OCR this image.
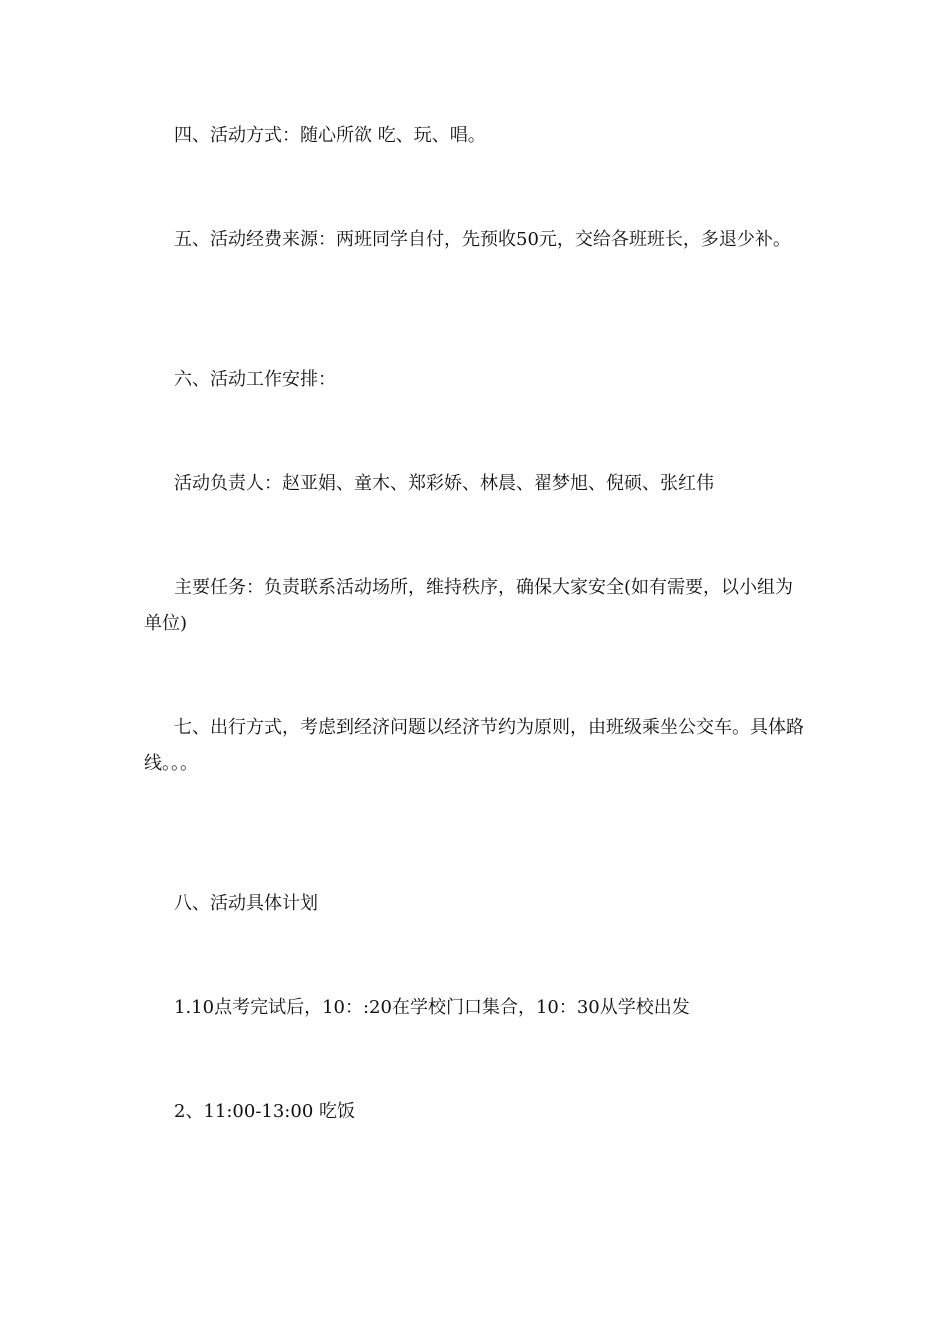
四、活动方式：随心所欲 吃、玩、唱。

五、活动经费来源：两班同学自付，先预收50元，交给各班班长，多退少补。

六、活动工作安排：

活动负责人：赵亚娟、童木、郑彩娇、林晨、翟梦旭、倪硕、张红伟

主要任务：负责联系活动场所，维持秩序，确保大家安全(如有需要，以小组为单位)

七、出行方式，考虑到经济问题以经济节约为原则，由班级乘坐公交车。具体路线。。。

八、活动具体计划

1.10点考完试后，10：:20在学校门口集合，10：30从学校出发

2、11:00-13:00 吃饭
